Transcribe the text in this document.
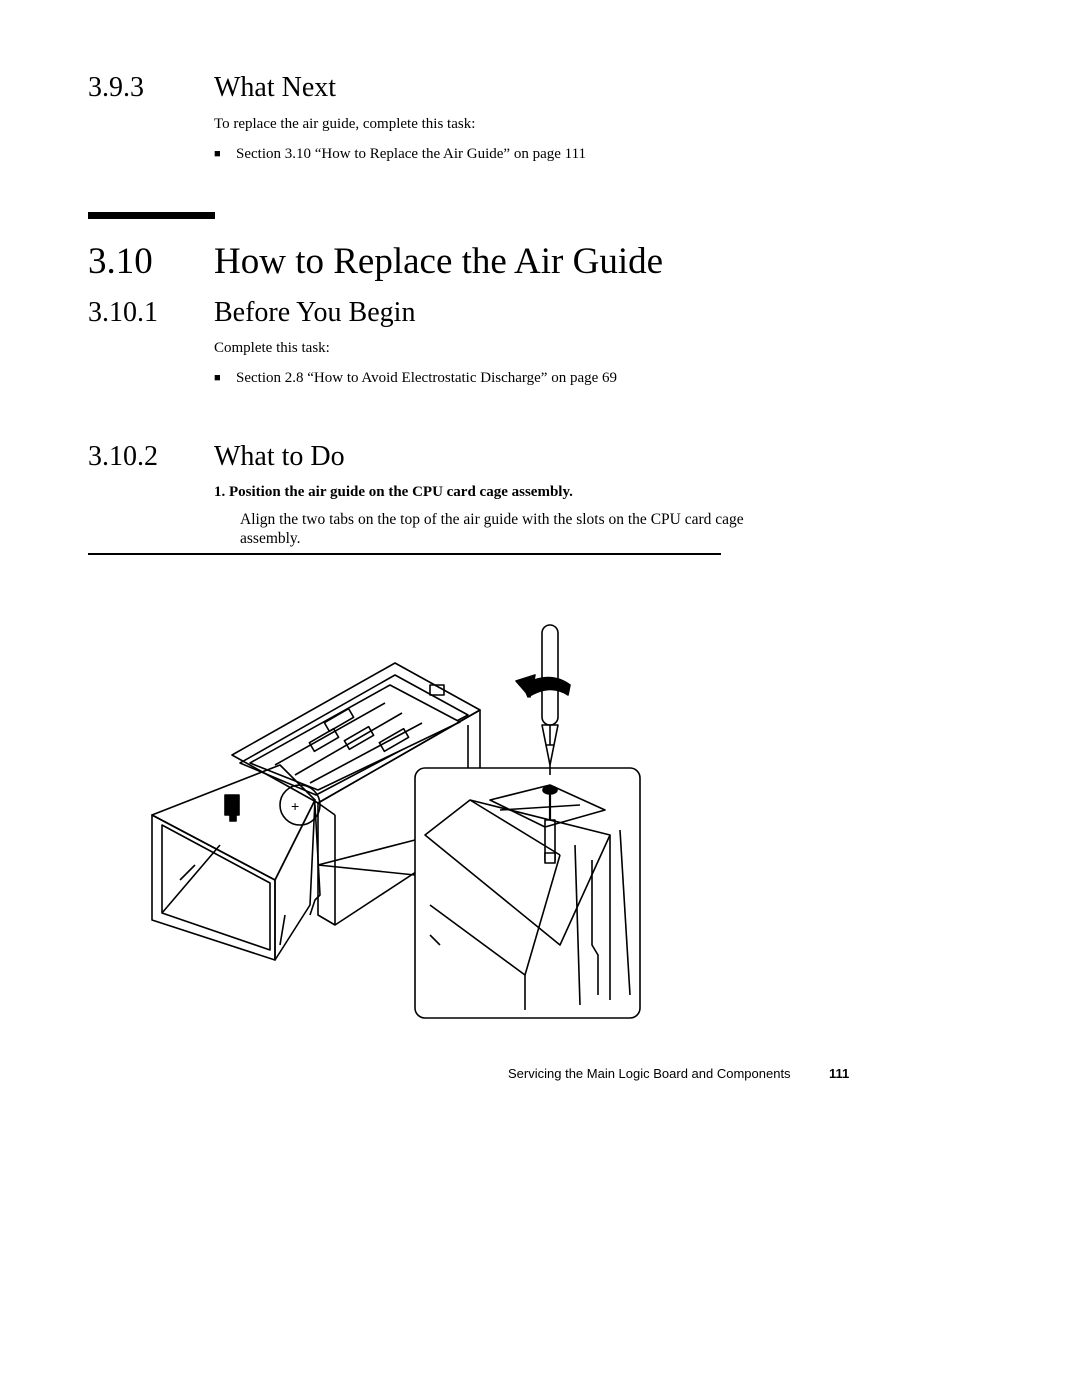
3.9.3	What Next
To replace the air guide, complete this task:
■ Section 3.10 “How to Replace the Air Guide” on page 111
3.10 How to Replace the Air Guide
3.10.1 Before You Begin
Complete this task:
■ Section 2.8 “How to Avoid Electrostatic Discharge” on page 69
3.10.2 What to Do
1. Position the air guide on the CPU card cage assembly.
Align the two tabs on the top of the air guide with the slots on the CPU card cage
assembly.
+
Servicing the Main Logic Board and Components	111
